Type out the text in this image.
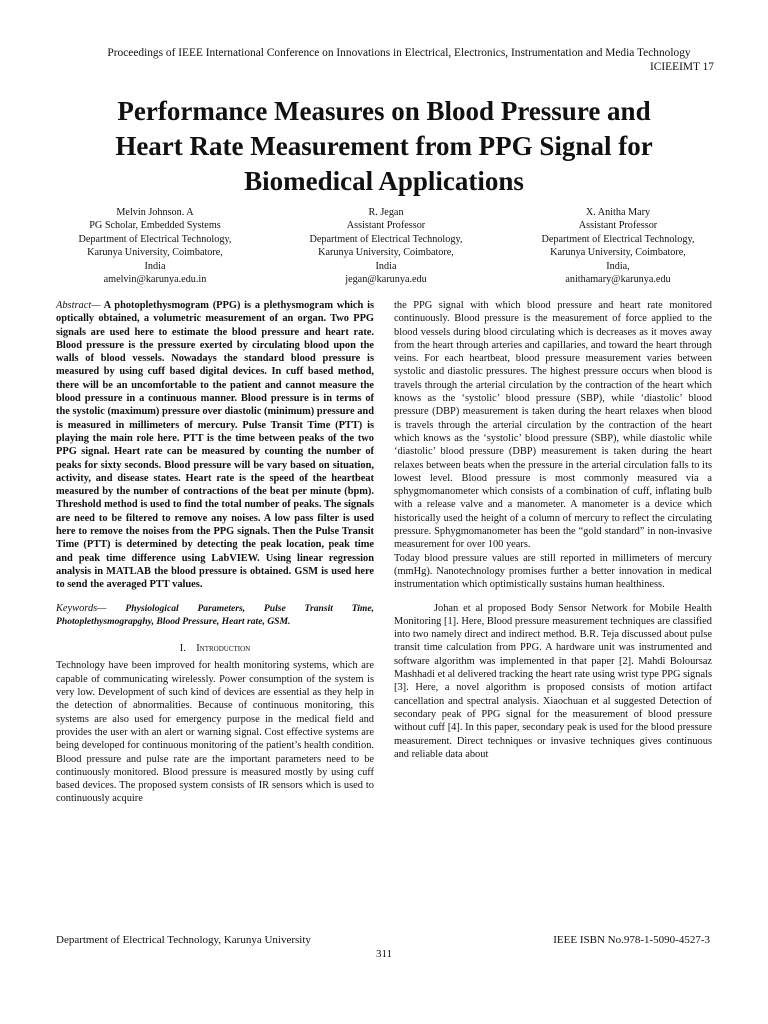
Proceedings of IEEE International Conference on Innovations in Electrical, Electronics, Instrumentation and Media Technology
ICIEEIMT 17
Performance Measures on Blood Pressure and
Heart Rate Measurement from PPG Signal for
Biomedical Applications
Melvin Johnson. A
PG Scholar, Embedded Systems
Department of Electrical Technology,
Karunya University, Coimbatore,
India
amelvin@karunya.edu.in
R. Jegan
Assistant Professor
Department of Electrical Technology,
Karunya University, Coimbatore,
India
jegan@karunya.edu
X. Anitha Mary
Assistant Professor
Department of Electrical Technology,
Karunya University, Coimbatore,
India,
anithamary@karunya.edu

Abstract— A photoplethysmogram (PPG) is a plethysmogram which is optically obtained, a volumetric measurement of an organ. Two PPG signals are used here to estimate the blood pressure and heart rate. Blood pressure is the pressure exerted by circulating blood upon the walls of blood vessels. Nowadays the standard blood pressure is measured by using cuff based digital devices. In cuff based method, there will be an uncomfortable to the patient and cannot measure the blood pressure in a continuous manner. Blood pressure is in terms of the systolic (maximum) pressure over diastolic (minimum) pressure and is measured in millimeters of mercury. Pulse Transit Time (PTT) is playing the main role here. PTT is the time between peaks of the two PPG signal. Heart rate can be measured by counting the number of peaks for sixty seconds. Blood pressure will be vary based on situation, activity, and disease states. Heart rate is the speed of the heartbeat measured by the number of contractions of the beat per minute (bpm). Threshold method is used to find the total number of peaks. The signals are need to be filtered to remove any noises. A low pass filter is used here to remove the noises from the PPG signals. Then the Pulse Transit Time (PTT) is determined by detecting the peak location, peak time and peak time difference using LabVIEW. Using linear regression analysis in MATLAB the blood pressure is obtained. GSM is used here to send the averaged PTT values.

Keywords— Physiological Parameters, Pulse Transit Time, Photoplethysmograpghy, Blood Pressure, Heart rate, GSM.

I. Introduction

Technology have been improved for health monitoring systems, which are capable of communicating wirelessly. Power consumption of the system is very low. Development of such kind of devices are essential as they help in the detection of abnormalities. Because of continuous monitoring, this systems are also used for emergency purpose in the medical field and provides the user with an alert or warning signal. Cost effective systems are being developed for continuous monitoring of the patient’s health condition. Blood pressure and pulse rate are the important parameters need to be continuously monitored. Blood pressure is measured mostly by using cuff based devices. The proposed system consists of IR sensors which is used to continuously acquire

the PPG signal with which blood pressure and heart rate monitored continuously. Blood pressure is the measurement of force applied to the blood vessels during blood circulating which is decreases as it moves away from the heart through arteries and capillaries, and toward the heart through veins. For each heartbeat, blood pressure measurement varies between systolic and diastolic pressures. The highest pressure occurs when blood is travels through the arterial circulation by the contraction of the heart which knows as the ‘systolic’ blood pressure (SBP), while ‘diastolic’ blood pressure (DBP) measurement is taken during the heart relaxes when blood is travels through the arterial circulation by the contraction of the heart which knows as the ‘systolic’ blood pressure (SBP), while diastolic while ‘diastolic’ blood pressure (DBP) measurement is taken during the heart relaxes between beats when the pressure in the arterial circulation falls to its lowest level. Blood pressure is most commonly measured via a sphygmomanometer which consists of a combination of cuff, inflating bulb with a release valve and a manometer. A manometer is a device which historically used the height of a column of mercury to reflect the circulating pressure. Sphygmomanometer has been the “gold standard” in non-invasive measurement for over 100 years.

Today blood pressure values are still reported in millimeters of mercury (mmHg). Nanotechnology promises further a better innovation in medical instrumentation which optimistically sustains human healthiness.

Johan et al proposed Body Sensor Network for Mobile Health Monitoring [1]. Here, Blood pressure measurement techniques are classified into two namely direct and indirect method. B.R. Teja discussed about pulse transit time calculation from PPG. A hardware unit was instrumented and software algorithm was implemented in that paper [2]. Mahdi Boloursaz Mashhadi et al delivered tracking the heart rate using wrist type PPG signals [3]. Here, a novel algorithm is proposed consists of motion artifact cancellation and spectral analysis. Xiaochuan et al suggested Detection of secondary peak of PPG signal for the measurement of blood pressure without cuff [4]. In this paper, secondary peak is used for the blood pressure measurement. Direct techniques or invasive techniques gives continuous and reliable data about

Department of Electrical Technology, Karunya University	IEEE ISBN No.978-1-5090-4527-3
311
